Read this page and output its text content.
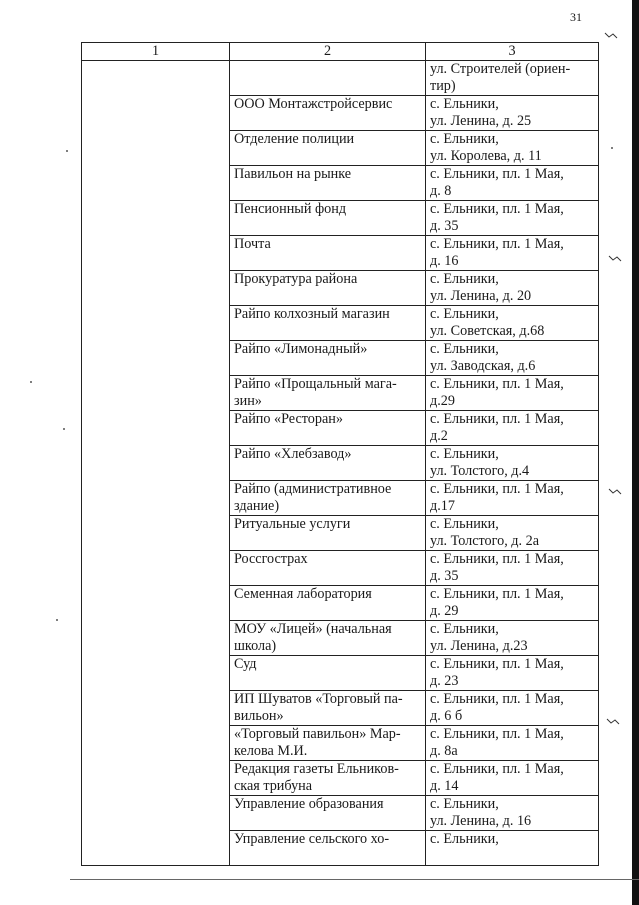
31
1	2	3
		ул. Строителей (ориен-
тир)
	ООО Монтажстройсервис	с. Ельники,
ул. Ленина, д. 25
	Отделение полиции	с. Ельники,
ул. Королева, д. 11
	Павильон на рынке	с. Ельники, пл. 1 Мая,
д. 8
	Пенсионный фонд	с. Ельники, пл. 1 Мая,
д. 35
	Почта	с. Ельники, пл. 1 Мая,
д. 16
	Прокуратура района	с. Ельники,
ул. Ленина, д. 20
	Райпо колхозный магазин	с. Ельники,
ул. Советская, д.68
	Райпо «Лимонадный»	с. Ельники,
ул. Заводская, д.6
	Райпо «Прощальный мага-
зин»	с. Ельники, пл. 1 Мая,
д.29
	Райпо «Ресторан»	с. Ельники, пл. 1 Мая,
д.2
	Райпо «Хлебзавод»	с. Ельники,
ул. Толстого, д.4
	Райпо (административное
здание)	с. Ельники, пл. 1 Мая,
д.17
	Ритуальные услуги	с. Ельники,
ул. Толстого, д. 2а
	Россгострах	с. Ельники, пл. 1 Мая,
д. 35
	Семенная лаборатория	с. Ельники, пл. 1 Мая,
д. 29
	МОУ «Лицей» (начальная
школа)	с. Ельники,
ул. Ленина, д.23
	Суд	с. Ельники, пл. 1 Мая,
д. 23
	ИП Шуватов «Торговый па-
вильон»	с. Ельники, пл. 1 Мая,
д. 6 б
	«Торговый павильон» Мар-
келова М.И.	с. Ельники, пл. 1 Мая,
д. 8а
	Редакция газеты Ельников-
ская трибуна	с. Ельники, пл. 1 Мая,
д. 14
	Управление образования	с. Ельники,
ул. Ленина, д. 16
	Управление сельского хо-	с. Ельники,
